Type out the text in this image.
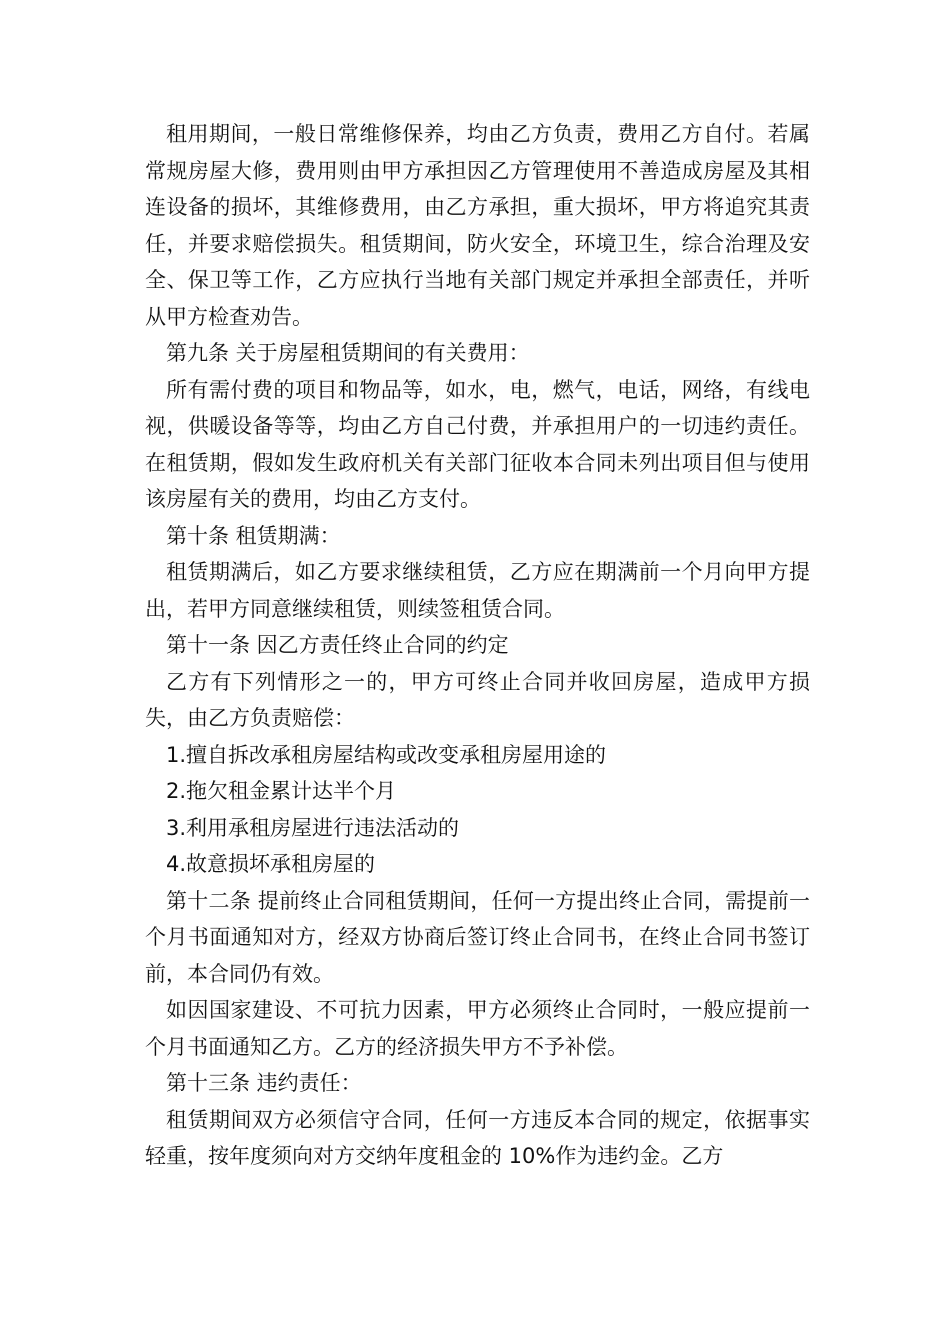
租用期间，一般日常维修保养，均由乙方负责，费用乙方自付。若属常规房屋大修，费用则由甲方承担因乙方管理使用不善造成房屋及其相连设备的损坏，其维修费用，由乙方承担，重大损坏，甲方将追究其责任，并要求赔偿损失。租赁期间，防火安全，环境卫生，综合治理及安全、保卫等工作，乙方应执行当地有关部门规定并承担全部责任，并听从甲方检查劝告。

第九条 关于房屋租赁期间的有关费用：

所有需付费的项目和物品等，如水，电，燃气，电话，网络，有线电视，供暖设备等等，均由乙方自己付费，并承担用户的一切违约责任。在租赁期，假如发生政府机关有关部门征收本合同未列出项目但与使用该房屋有关的费用，均由乙方支付。

第十条 租赁期满：

租赁期满后，如乙方要求继续租赁，乙方应在期满前一个月向甲方提出，若甲方同意继续租赁，则续签租赁合同。

第十一条 因乙方责任终止合同的约定

乙方有下列情形之一的，甲方可终止合同并收回房屋，造成甲方损失，由乙方负责赔偿：

1.擅自拆改承租房屋结构或改变承租房屋用途的

2.拖欠租金累计达半个月

3.利用承租房屋进行违法活动的

4.故意损坏承租房屋的

第十二条 提前终止合同租赁期间，任何一方提出终止合同，需提前一个月书面通知对方，经双方协商后签订终止合同书，在终止合同书签订前，本合同仍有效。

如因国家建设、不可抗力因素，甲方必须终止合同时，一般应提前一个月书面通知乙方。乙方的经济损失甲方不予补偿。

第十三条 违约责任：

租赁期间双方必须信守合同，任何一方违反本合同的规定，依据事实轻重，按年度须向对方交纳年度租金的 10%作为违约金。乙方
